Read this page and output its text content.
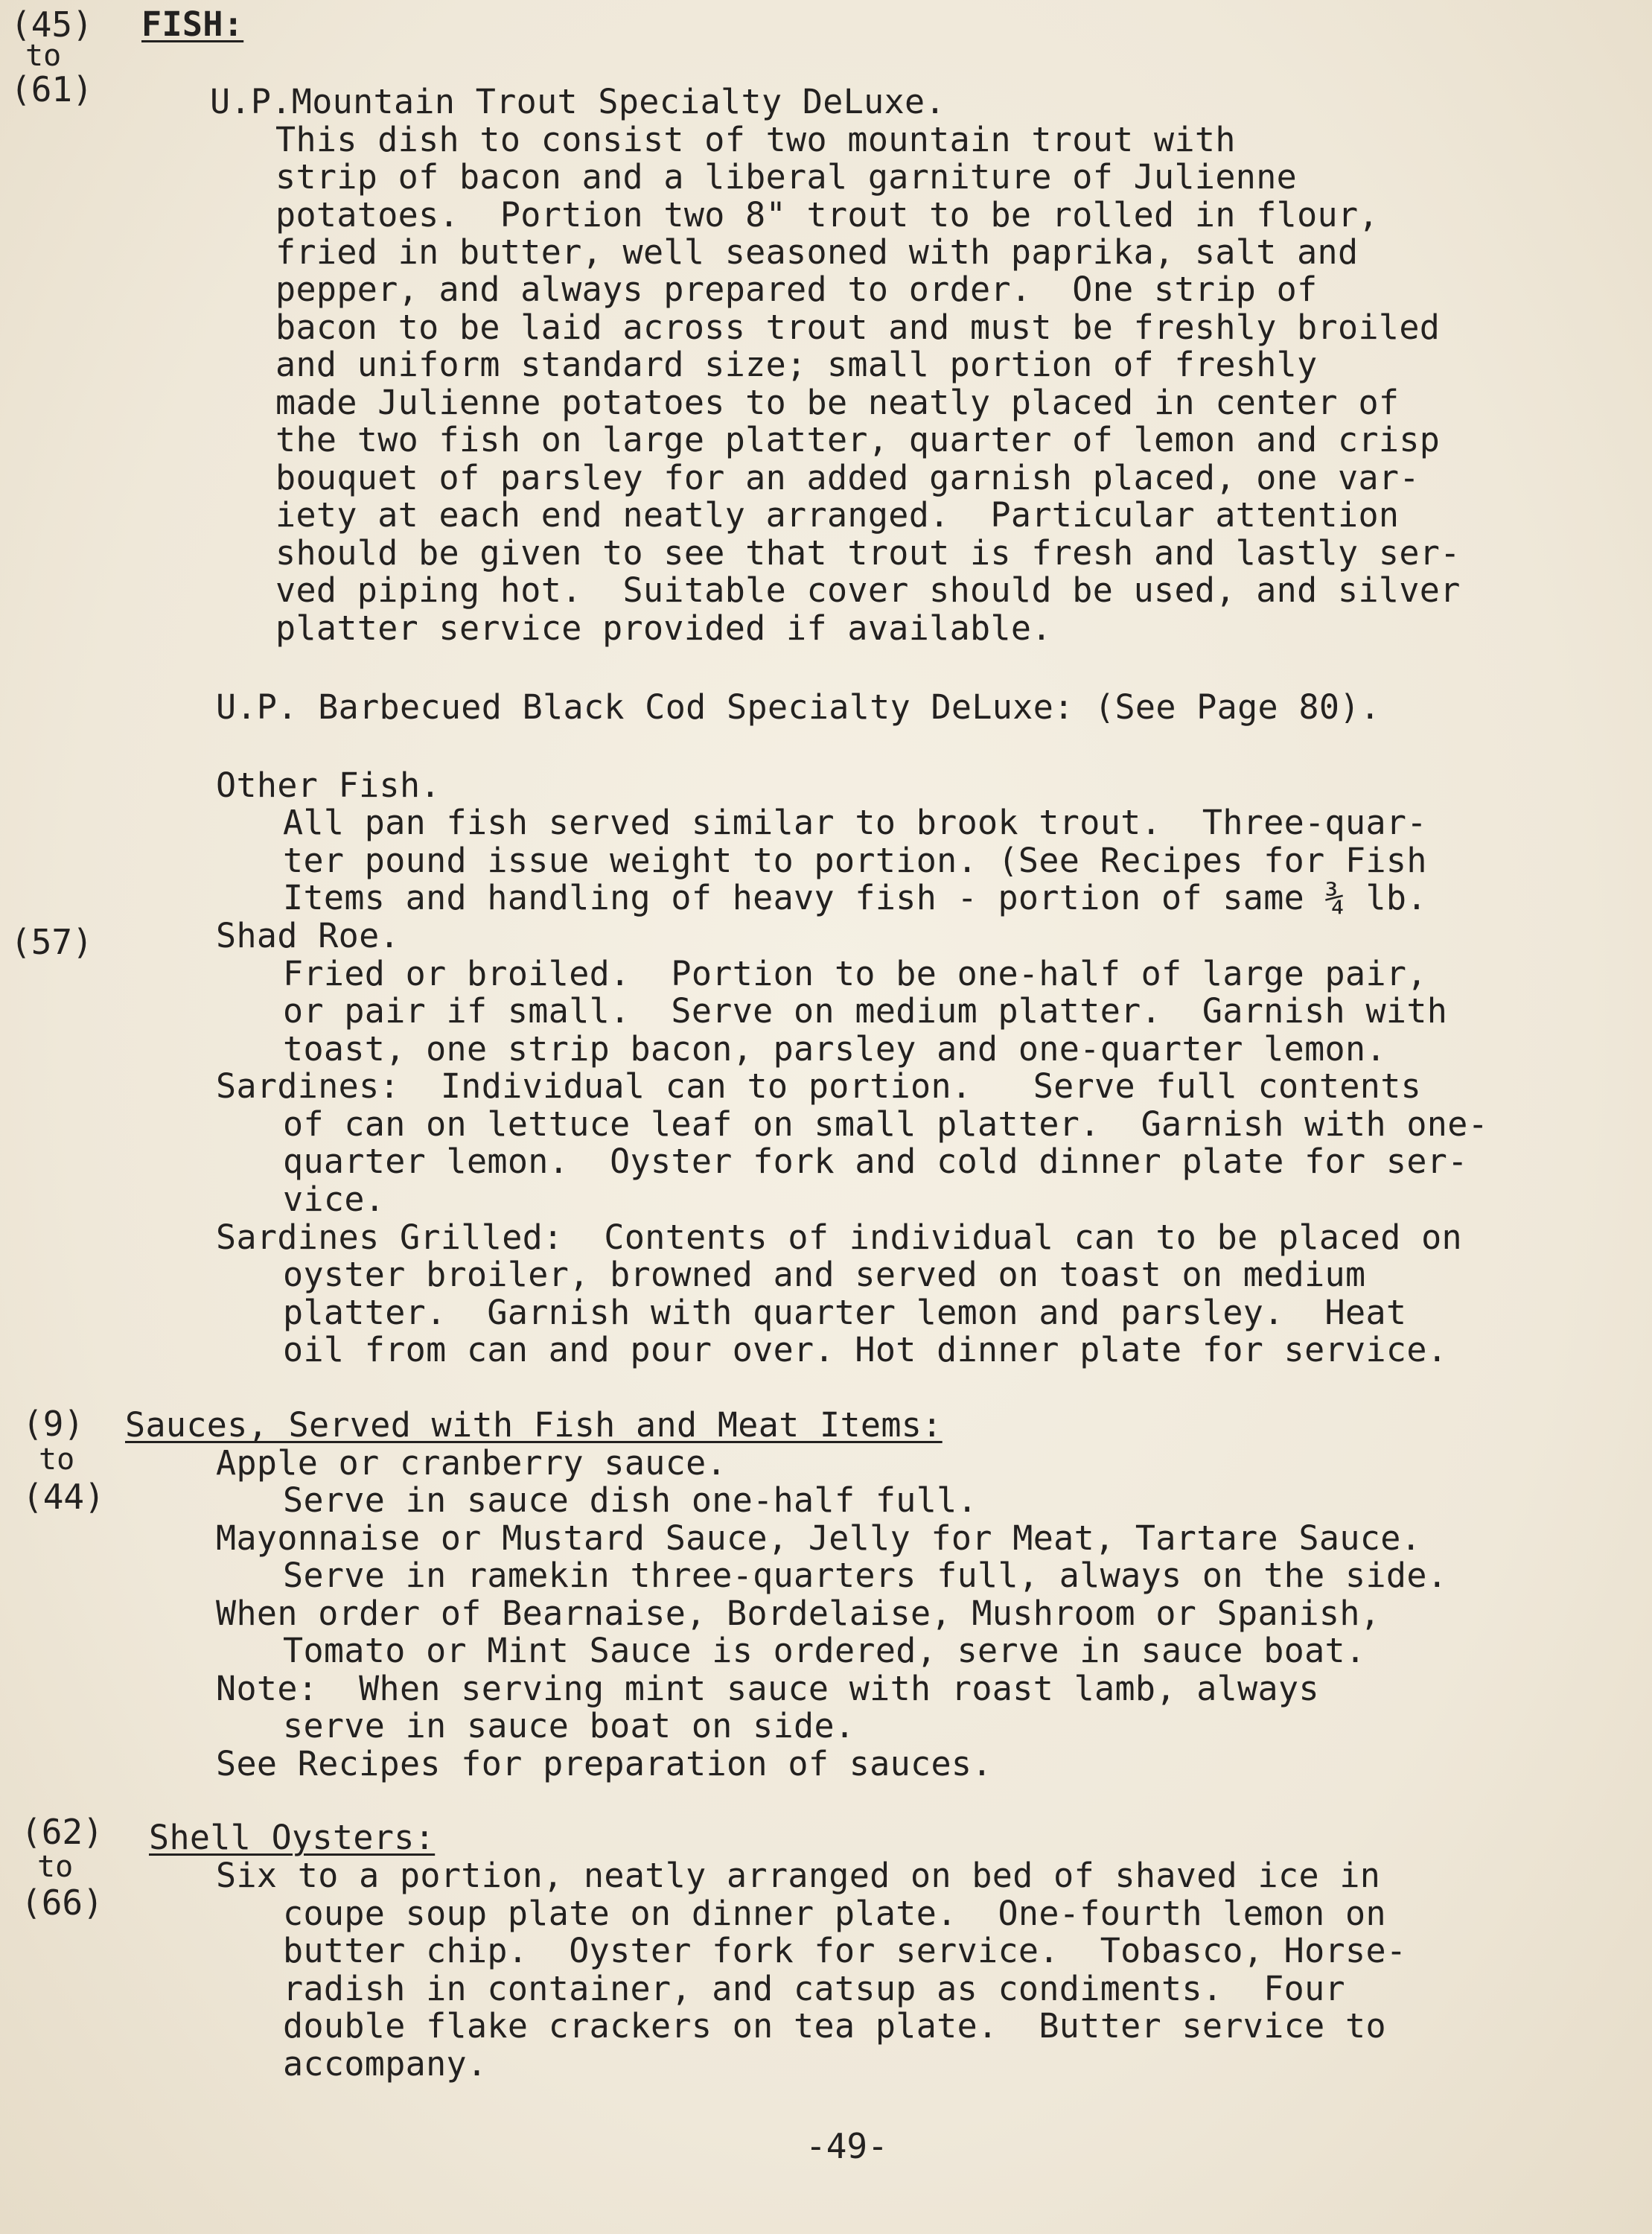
(45)
to
(61)
(57)
(9)
to
(44)
(62)
to
(66)
FISH:
U.P.Mountain Trout Specialty DeLuxe.
This dish to consist of two mountain trout with
strip of bacon and a liberal garniture of Julienne
potatoes.  Portion two 8" trout to be rolled in flour,
fried in butter, well seasoned with paprika, salt and
pepper, and always prepared to order.  One strip of
bacon to be laid across trout and must be freshly broiled
and uniform standard size; small portion of freshly
made Julienne potatoes to be neatly placed in center of
the two fish on large platter, quarter of lemon and crisp
bouquet of parsley for an added garnish placed, one var-
iety at each end neatly arranged.  Particular attention
should be given to see that trout is fresh and lastly ser-
ved piping hot.  Suitable cover should be used, and silver
platter service provided if available.
U.P. Barbecued Black Cod Specialty DeLuxe: (See Page 80).
Other Fish.
All pan fish served similar to brook trout.  Three-quar-
ter pound issue weight to portion. (See Recipes for Fish
Items and handling of heavy fish - portion of same ¾ lb.
Shad Roe.
Fried or broiled.  Portion to be one-half of large pair,
or pair if small.  Serve on medium platter.  Garnish with
toast, one strip bacon, parsley and one-quarter lemon.
Sardines:  Individual can to portion.   Serve full contents
of can on lettuce leaf on small platter.  Garnish with one-
quarter lemon.  Oyster fork and cold dinner plate for ser-
vice.
Sardines Grilled:  Contents of individual can to be placed on
oyster broiler, browned and served on toast on medium
platter.  Garnish with quarter lemon and parsley.  Heat
oil from can and pour over. Hot dinner plate for service.
Sauces, Served with Fish and Meat Items:
Apple or cranberry sauce.
Serve in sauce dish one-half full.
Mayonnaise or Mustard Sauce, Jelly for Meat, Tartare Sauce.
Serve in ramekin three-quarters full, always on the side.
When order of Bearnaise, Bordelaise, Mushroom or Spanish,
Tomato or Mint Sauce is ordered, serve in sauce boat.
Note:  When serving mint sauce with roast lamb, always
serve in sauce boat on side.
See Recipes for preparation of sauces.
Shell Oysters:
Six to a portion, neatly arranged on bed of shaved ice in
coupe soup plate on dinner plate.  One-fourth lemon on
butter chip.  Oyster fork for service.  Tobasco, Horse-
radish in container, and catsup as condiments.  Four
double flake crackers on tea plate.  Butter service to
accompany.
-49-
